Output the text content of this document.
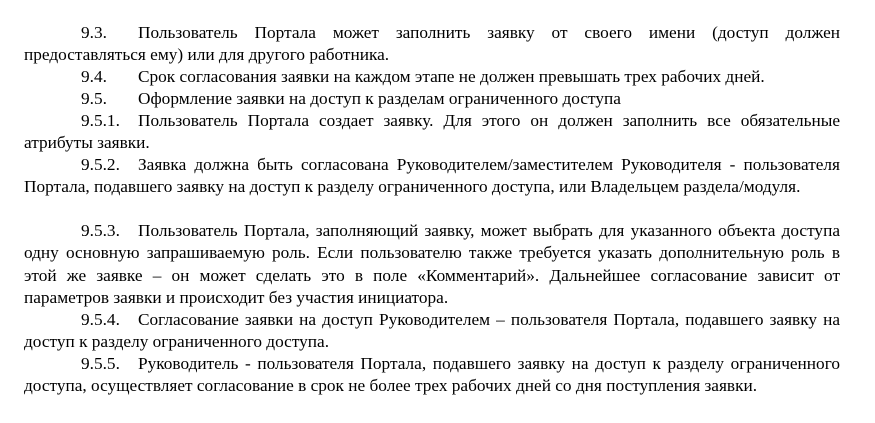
9.3. Пользователь Портала может заполнить заявку от своего имени (доступ должен предоставляться ему) или для другого работника.

9.4. Срок согласования заявки на каждом этапе не должен превышать трех рабочих дней.

9.5. Оформление заявки на доступ к разделам ограниченного доступа

9.5.1. Пользователь Портала создает заявку. Для этого он должен заполнить все обязательные атрибуты заявки.

9.5.2. Заявка должна быть согласована Руководителем/заместителем Руководителя - пользователя Портала, подавшего заявку на доступ к разделу ограниченного доступа, или Владельцем раздела/модуля.

9.5.3. Пользователь Портала, заполняющий заявку, может выбрать для указанного объекта доступа одну основную запрашиваемую роль. Если пользователю также требуется указать дополнительную роль в этой же заявке – он может сделать это в поле «Комментарий». Дальнейшее согласование зависит от параметров заявки и происходит без участия инициатора.

9.5.4. Согласование заявки на доступ Руководителем – пользователя Портала, подавшего заявку на доступ к разделу ограниченного доступа.

9.5.5. Руководитель - пользователя Портала, подавшего заявку на доступ к разделу ограниченного доступа, осуществляет согласование в срок не более трех рабочих дней со дня поступления заявки.
